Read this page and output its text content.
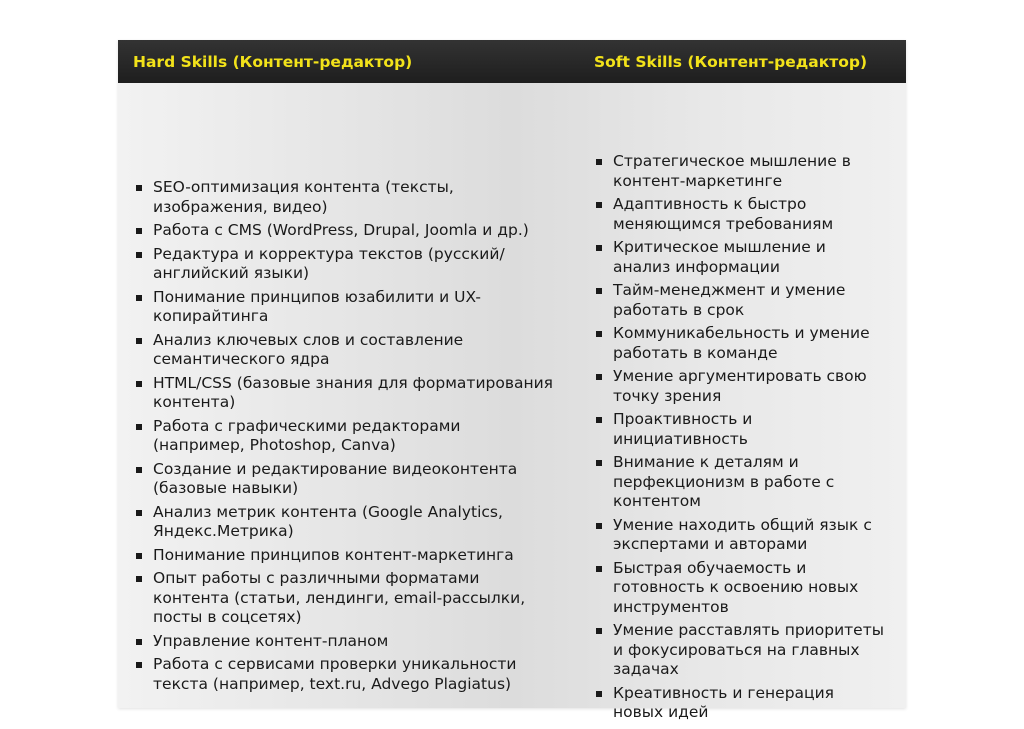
Hard Skills (Контент-редактор)	Soft Skills (Контент-редактор)
SEO-оптимизация контента (тексты, изображения, видео)
Работа с CMS (WordPress, Drupal, Joomla и др.)
Редактура и корректура текстов (русский/английский языки)
Понимание принципов юзабилити и UX-копирайтинга
Анализ ключевых слов и составление семантического ядра
HTML/CSS (базовые знания для форматирования контента)
Работа с графическими редакторами (например, Photoshop, Canva)
Создание и редактирование видеоконтента (базовые навыки)
Анализ метрик контента (Google Analytics, Яндекс.Метрика)
Понимание принципов контент-маркетинга
Опыт работы с различными форматами контента (статьи, лендинги, email-рассылки, посты в соцсетях)
Управление контент-планом
Работа с сервисами проверки уникальности текста (например, text.ru, Advego Plagiatus)
Стратегическое мышление в контент-маркетинге
Адаптивность к быстро меняющимся требованиям
Критическое мышление и анализ информации
Тайм-менеджмент и умение работать в срок
Коммуникабельность и умение работать в команде
Умение аргументировать свою точку зрения
Проактивность и инициативность
Внимание к деталям и перфекционизм в работе с контентом
Умение находить общий язык с экспертами и авторами
Быстрая обучаемость и готовность к освоению новых инструментов
Умение расставлять приоритеты и фокусироваться на главных задачах
Креативность и генерация новых идей
